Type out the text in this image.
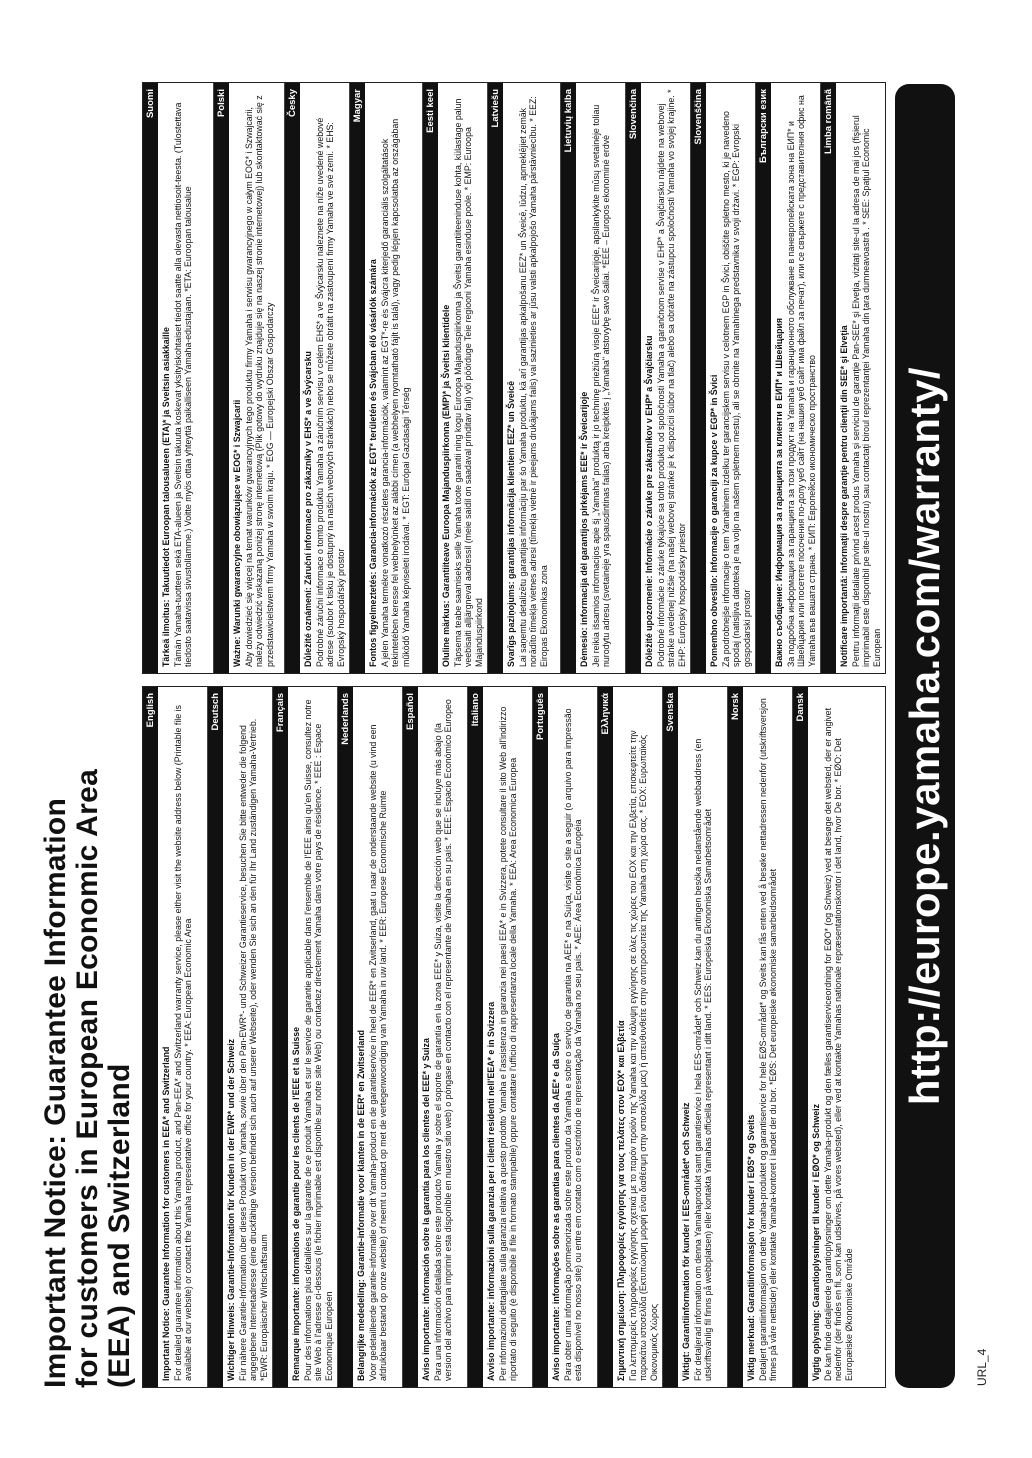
Important Notice: Guarantee Information
for customers in European Economic Area
(EEA) and Switzerland
English
Important Notice: Guarantee Information for customers in EEA* and Switzerland For detailed guarantee information about this Yamaha product, and Pan-EEA* and Switzerland warranty service, please either visit the website address below (Printable file is available at our website) or contact the Yamaha representative office for your country. * EEA: European Economic Area
Deutsch
Wichtiger Hinweis: Garantie-Information für Kunden in der EWR* und der Schweiz Für nähere Garantie-Information über dieses Produkt von Yamaha, sowie über den Pan-EWR*- und Schweizer Garantieservice, besuchen Sie bitte entweder die folgend angegebene Internetadresse (eine druckfähige Version befindet sich auch auf unserer Webseite), oder wenden Sie sich an den für Ihr Land zuständigen Yamaha-Vertrieb. *EWR: Europäischer Wirtschaftsraum
Français
Remarque importante: informations de garantie pour les clients de l'EEE et la Suisse Pour des informations plus détaillées sur la garantie de ce produit Yamaha et sur le service de garantie applicable dans l'ensemble de l'EEE ainsi qu'en Suisse, consultez notre site Web à l'adresse ci-dessous (le fichier imprimable est disponible sur notre site Web) ou contactez directement Yamaha dans votre pays de résidence. * EEE : Espace Economique Européen
Nederlands
Belangrijke mededeling: Garantie-informatie voor klanten in de EER* en Zwitserland Voor gedetailleerde garantie-informatie over dit Yamaha-product en de garantieservice in heel de EER* en Zwitserland, gaat u naar de onderstaande website (u vind een afdrukbaar bestand op onze website) of neemt u contact op met de vertegenwoordiging van Yamaha in uw land. * EER: Europese Economische Ruimte
Español
Aviso importante: información sobre la garantía para los clientes del EEE* y Suiza Para una información detallada sobre este producto Yamaha y sobre el soporte de garantía en la zona EEE* y Suiza, visite la dirección web que se incluye más abajo (la version del archivo para imprimir esta disponible en nuestro sitio web) o póngase en contacto con el representante de Yamaha en su país. * EEE: Espacio Económico Europeo Italiano
Avviso importante: informazioni sulla garanzia per i clienti residenti nell'EEA* e in Svizzera Per informazioni dettagliate sulla garanzia relativa a questo prodotto Yamaha e l'assistenza in garanzia nei paesi EEA* e in Svizzera, potete consultare il sito Web all'indirizzo riportato di seguito (è disponibile il file in formato stampabile) oppure contattare l'ufficio di rappresentanza locale della Yamaha. * EEA: Area Economica Europea
Português
Aviso importante: informações sobre as garantias para clientes da AEE* e da Suíça Para obter uma informação pormenorizada sobre este produto da Yamaha e sobre o serviço de garantia na AEE* e na Suíça, visite o site a seguir (o arquivo para impressão está disponível no nosso site) ou entre em contato com o escritório de representação da Yamaha no seu país. * AEE: Área Econômica Européia
Ελληνικά
Σημαντική σημείωση: Πληροφορίες εγγύησης για τους πελάτες στον ΕΟΧ* και Ελβετία Για λεπτομερείς πληροφορίες εγγύησης σχετικά με το παρόν προϊόν της Yamaha και την κάλυψη εγγύησης σε όλες τις χώρες του ΕΟΧ και την Ελβετία, επισκεφτείτε την παρακάτω ιστοσελίδα (Εκτυπώσιμη μορφή είναι διαθέσιμη στην ιστοσελίδα μας) ή απευθυνθείτε στην αντιπροσωπεία της Yamaha στη χώρα σας. * ΕΟΧ: Ευρωπαϊκός Οικονομικός Χώρος
Svenska
Viktigt: Garantiinformation för kunder i EES-området* och Schweiz För detaljerad information om denna Yamahaprodukt samt garantiservice i hela EES-området* och Schweiz kan du antingen besöka nedanstående webbaddress (en utskriftsvänlig fil finns på webbplatsen) eller kontakta Yamahas officiella representant i ditt land. * EES: Europeiska Ekonomiska Samarbetsområdet
Norsk
Viktig merknad: Garantiinformasjon for kunder i EØS* og Sveits Detaljert garantiinformasjon om dette Yamaha-produktet og garantiservice for hele EØS-området* og Sveits kan fås enten ved å besøke nettadressen nedenfor (utskriftsversjon finnes på våre nettsider) eller kontakte Yamaha-kontoret i landet der du bor. *EØS: Det europeiske økonomiske samarbeidsområdet
Dansk
Vigtig oplysning: Garantioplysninger til kunder i EØO* og Schweiz De kan finde detaljerede garantioplysninger om dette Yamaha-produkt og den fælles garantiserviceordning for EØO* (og Schweiz) ved at besøge det websted, der er angivet nedenfor (der findes en fil, som kan udskrives, på vores websted), eller ved at kontakte Yamahas nationale repræsentationskontor i det land, hvor De bor. * EØO: Det Europæiske Økonomiske Område
Suomi
Tärkeä ilmoitus: Takuutiedot Euroopan talousalueen (ETA)* ja Sveitsin asiakkaille Tämän Yamaha-tuotteen sekä ETA-alueen ja Sveitsin takuuta koskevat yksityiskohtaiset tiedot saatte alla olevasta nettiosoit-teesta. (Tulostettava tiedosto saatavissa sivustollamme.) Voitte myös ottaa yhteyttä paikalliseen Yamaha-edustajaan. *ETA: Euroopan talousalue
Polski
Ważne: Warunki gwarancyjne obowiązujące w EOG* i Szwajcarii Aby dowiedzieć się więcej na temat warunków gwarancyjnych tego produktu firmy Yamaha i serwisu gwarancyjnego w całym EOG* i Szwajcarii, należy odwiedzić wskazaną poniżej stronę internetową (Plik gotowy do wydruku znajduje się na naszej stronie internetowej) lub skontaktować się z przedstawicielstwem firmy Yamaha w swoim kraju. * EOG — Europejski Obszar Gospodarczy
Česky
Důležité oznámení: Záruční informace pro zákazníky v EHS* a ve Švýcarsku Podrobné záruční informace o tomto produktu Yamaha a záručním servisu v celém EHS* a ve Švýcarsku naleznete na níže uvedené webové adrese (soubor k tisku je dostupný na našich webových stránkách) nebo se můžete obrátit na zastoupení firmy Yamaha ve své zemi. * EHS: Evropský hospodářský prostor
Magyar
Fontos figyelmeztetés: Garancia-információk az EGT* területén és Svájcban élő vásárlók számára A jelen Yamaha termékre vonatkozó részletes garancia-információk, valamint az EGT*-re és Svájcra kiterjedő garanciális szolgáltatások tekintetében keresse fel webhelyünket az alábbi címen (a webhelyen nyomtatható fájlt is talál), vagy pedig lépjen kapcsolatba az országában működő Yamaha képviseleti irodával. * EGT: Európai Gazdasági Térség
Eesti keel
Oluline märkus: Garantiiteave Euroopa Majanduspiirkonna (EMP)* ja Šveitsi klientidele Täpsema teabe saamiseks selle Yamaha toote garantii ning kogu Euroopa Majanduspiirkonna ja Šveitsi garantiiteeninduse kohta, külastage palun veebisaiti alljärgneval aadressil (meie saidil on saadaval prinditav fail) või pöörduge Teie regiooni Yamaha esinduse poole. * EMP: Euroopa Majanduspiirkond
Latviešu
Svarīgs paziņojums: garantijas informācija klientiem EEZ* un Šveicē Lai saņemtu detalizētu garantijas informāciju par šo Yamaha produktu, kā arī garantijas apkalpošanu EEZ* un Šveicē, lūdzu, apmeklējiet zemāk norādīto tīmekļa vietnes adresi (tīmekļa vietnē ir pieejams drukājams fails) vai sazinieties ar jūsu valsti apkalpojošo Yamaha pārstāvniecību. * EEZ: Eiropas Ekonomikas zona
Lietuvių kalba
Dėmesio: informacija dėl garantijos pirkėjams EEE* ir Šveicarijoje Jei reikia išsamios informacijos apie šį „Yamaha" produktą ir jo techninę priežiūrą visoje EEE* ir Šveicarijoje, apsilankykite mūsų svetainėje toliau nurodytu adresu (svetainėje yra spausdintinas failas) arba kreipkitės į „Yamaha" atstovybę savo šaliai. *EEE – Europos ekonominė erdvė
Slovenčina
Dôležité upozornenie: Informácie o záruke pre zákazníkov v EHP* a Švajčiarsku Podrobné informácie o záruke týkajúce sa tohto produktu od spoločnosti Yamaha a garančnom servise v EHP* a Švajčiarsku nájdete na webovej stránke uvedenej nižšie (na našej webovej stránke je k dispozícii súbor na tlač) alebo sa obráťte na zástupcu spoločnosti Yamaha vo svojej krajine. * EHP: Európsky hospodársky priestor
Slovenščina
Pomembno obvestilo: Informacije o garanciji za kupce v EGP* in Švici Za podrobnejše informacije o tem Yamahinem izdelku ter garancijskem servisu v celotnem EGP in Švici, obiščite spletno mesto, ki je navedeno spodaj (natisljiva datoteka je na voljo na našem spletnem mestu), ali se obrnite na Yamahinega predstavnika v svoji državi. * EGP: Evropski gospodarski prostor
Български език
Важно съобщение: Информация за гаранцията за клиенти в ЕИП* и Швейцария За подробна информация за гаранцията за този продукт на Yamaha и гаранционното обслужване в паневропейската зона на ЕИП* и Швейцария или посетете посочения по-долу уеб сайт (на нашия уеб сайт има файл за печат), или се свържете с представителния офис на Yamaha във вашата страна. * ЕИП: Европейско икономическо пространство
Limba română
Notificare importantă: Informaţii despre garanţie pentru clienţii din SEE* şi Elveţia Pentru informaţii detaliate privind acest produs Yamaha şi serviciul de garanţie Pan-SEE* şi Elveţia, vizitaţi site-ul la adresa de mai jos (fişierul imprimabil este disponibil pe site-ul nostru) sau contactaţi biroul reprezentanţei Yamaha din ţara dumneavoastră . * SEE: Spaţiul Economic European http://europe.yamaha.com/warranty/
URL_4
